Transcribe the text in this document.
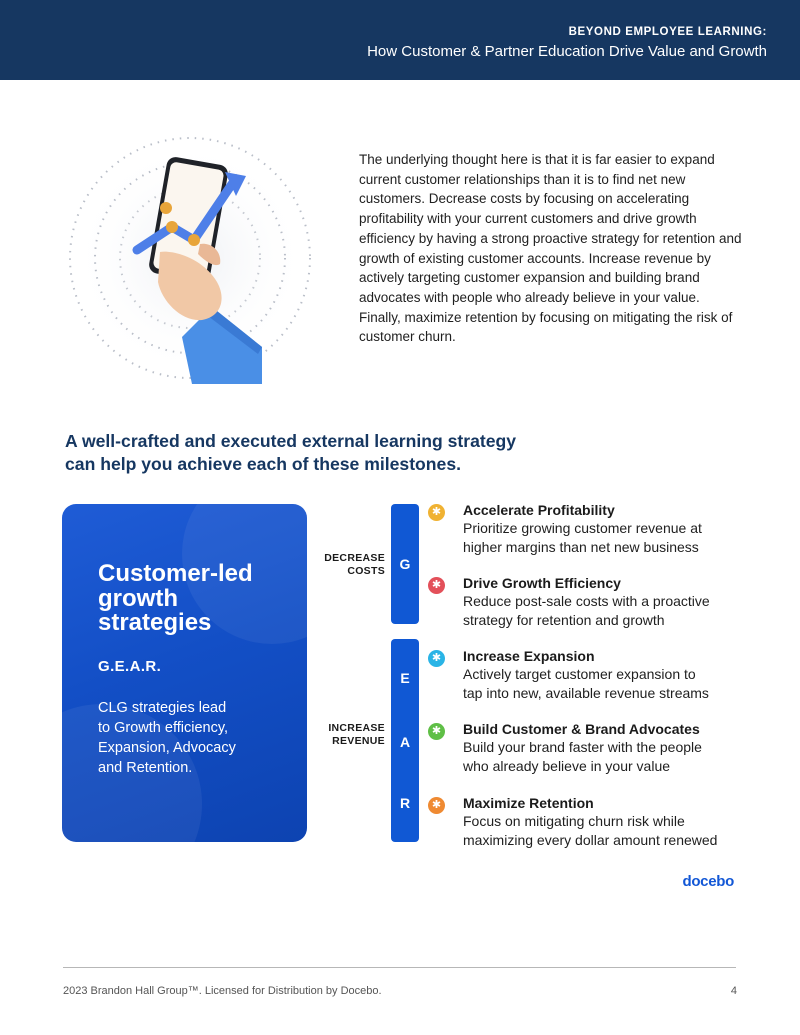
BEYOND EMPLOYEE LEARNING:
How Customer & Partner Education Drive Value and Growth
The underlying thought here is that it is far easier to expand current customer relationships than it is to find net new customers. Decrease costs by focusing on accelerating profitability with your current customers and drive growth efficiency by having a strong proactive strategy for retention and growth of existing customer accounts. Increase revenue by actively targeting customer expansion and building brand advocates with people who already believe in your value. Finally, maximize retention by focusing on mitigating the risk of customer churn.
A well-crafted and executed external learning strategy
can help you achieve each of these milestones.
Customer-led
growth
strategies
G.E.A.R.
CLG strategies lead
to Growth efficiency,
Expansion, Advocacy
and Retention.
DECREASE
COSTS
INCREASE
REVENUE
G
E
A
R
✱ Accelerate Profitability
Prioritize growing customer revenue at
higher margins than net new business
✱ Drive Growth Efficiency
Reduce post-sale costs with a proactive
strategy for retention and growth
✱ Increase Expansion
Actively target customer expansion to
tap into new, available revenue streams
✱ Build Customer & Brand Advocates
Build your brand faster with the people
who already believe in your value
✱ Maximize Retention
Focus on mitigating churn risk while
maximizing every dollar amount renewed
docebo
2023 Brandon Hall Group™. Licensed for Distribution by Docebo.	4
